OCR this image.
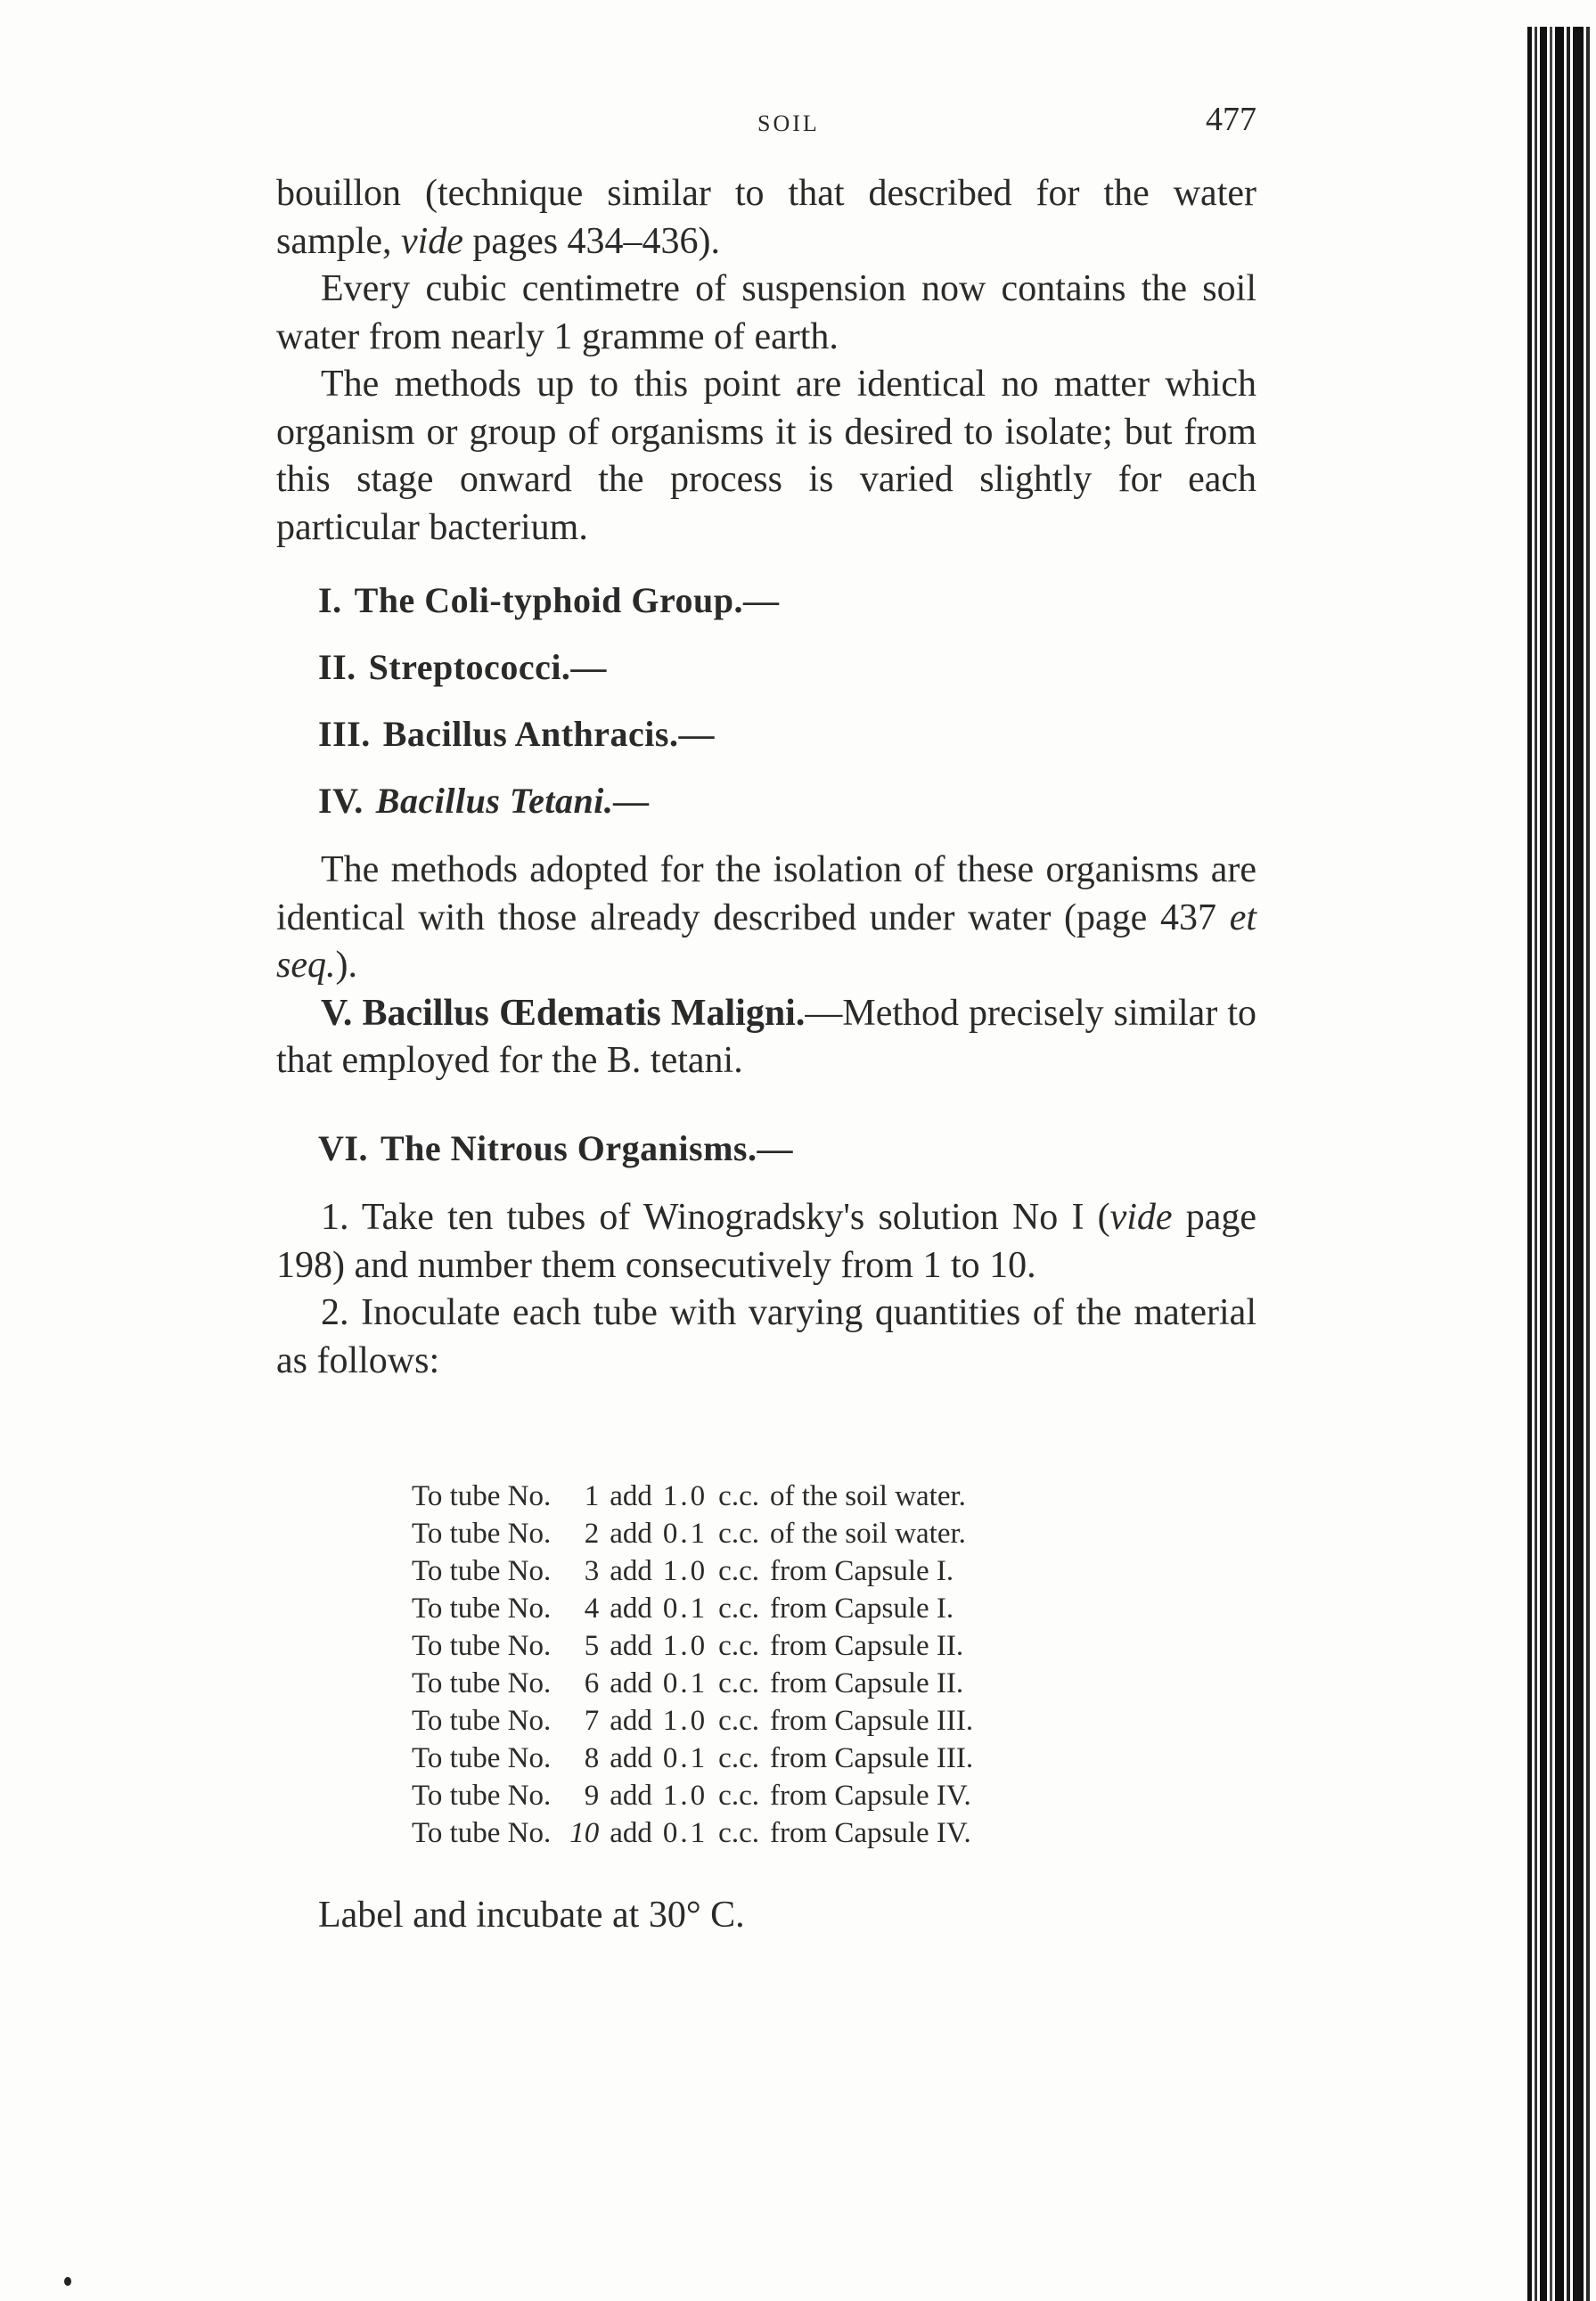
SOIL	477

bouillon (technique similar to that described for the water sample, vide pages 434–436).

Every cubic centimetre of suspension now contains the soil water from nearly 1 gramme of earth.

The methods up to this point are identical no matter which organism or group of organisms it is desired to isolate; but from this stage onward the process is varied slightly for each particular bacterium.

I. The Coli-typhoid Group.—
II. Streptococci.—
III. Bacillus Anthracis.—
IV. Bacillus Tetani.—

The methods adopted for the isolation of these organisms are identical with those already described under water (page 437 et seq.).

V. Bacillus Œdematis Maligni.—Method precisely similar to that employed for the B. tetani.

VI. The Nitrous Organisms.—

1. Take ten tubes of Winogradsky's solution No I (vide page 198) and number them consecutively from 1 to 10.

2. Inoculate each tube with varying quantities of the material as follows:

To tube No.	1	add	1.0	c.c.	of the soil water.
To tube No.	2	add	0.1	c.c.	of the soil water.
To tube No.	3	add	1.0	c.c.	from Capsule I.
To tube No.	4	add	0.1	c.c.	from Capsule I.
To tube No.	5	add	1.0	c.c.	from Capsule II.
To tube No.	6	add	0.1	c.c.	from Capsule II.
To tube No.	7	add	1.0	c.c.	from Capsule III.
To tube No.	8	add	0.1	c.c.	from Capsule III.
To tube No.	9	add	1.0	c.c.	from Capsule IV.
To tube No.	10	add	0.1	c.c.	from Capsule IV.
Label and incubate at 30° C.
